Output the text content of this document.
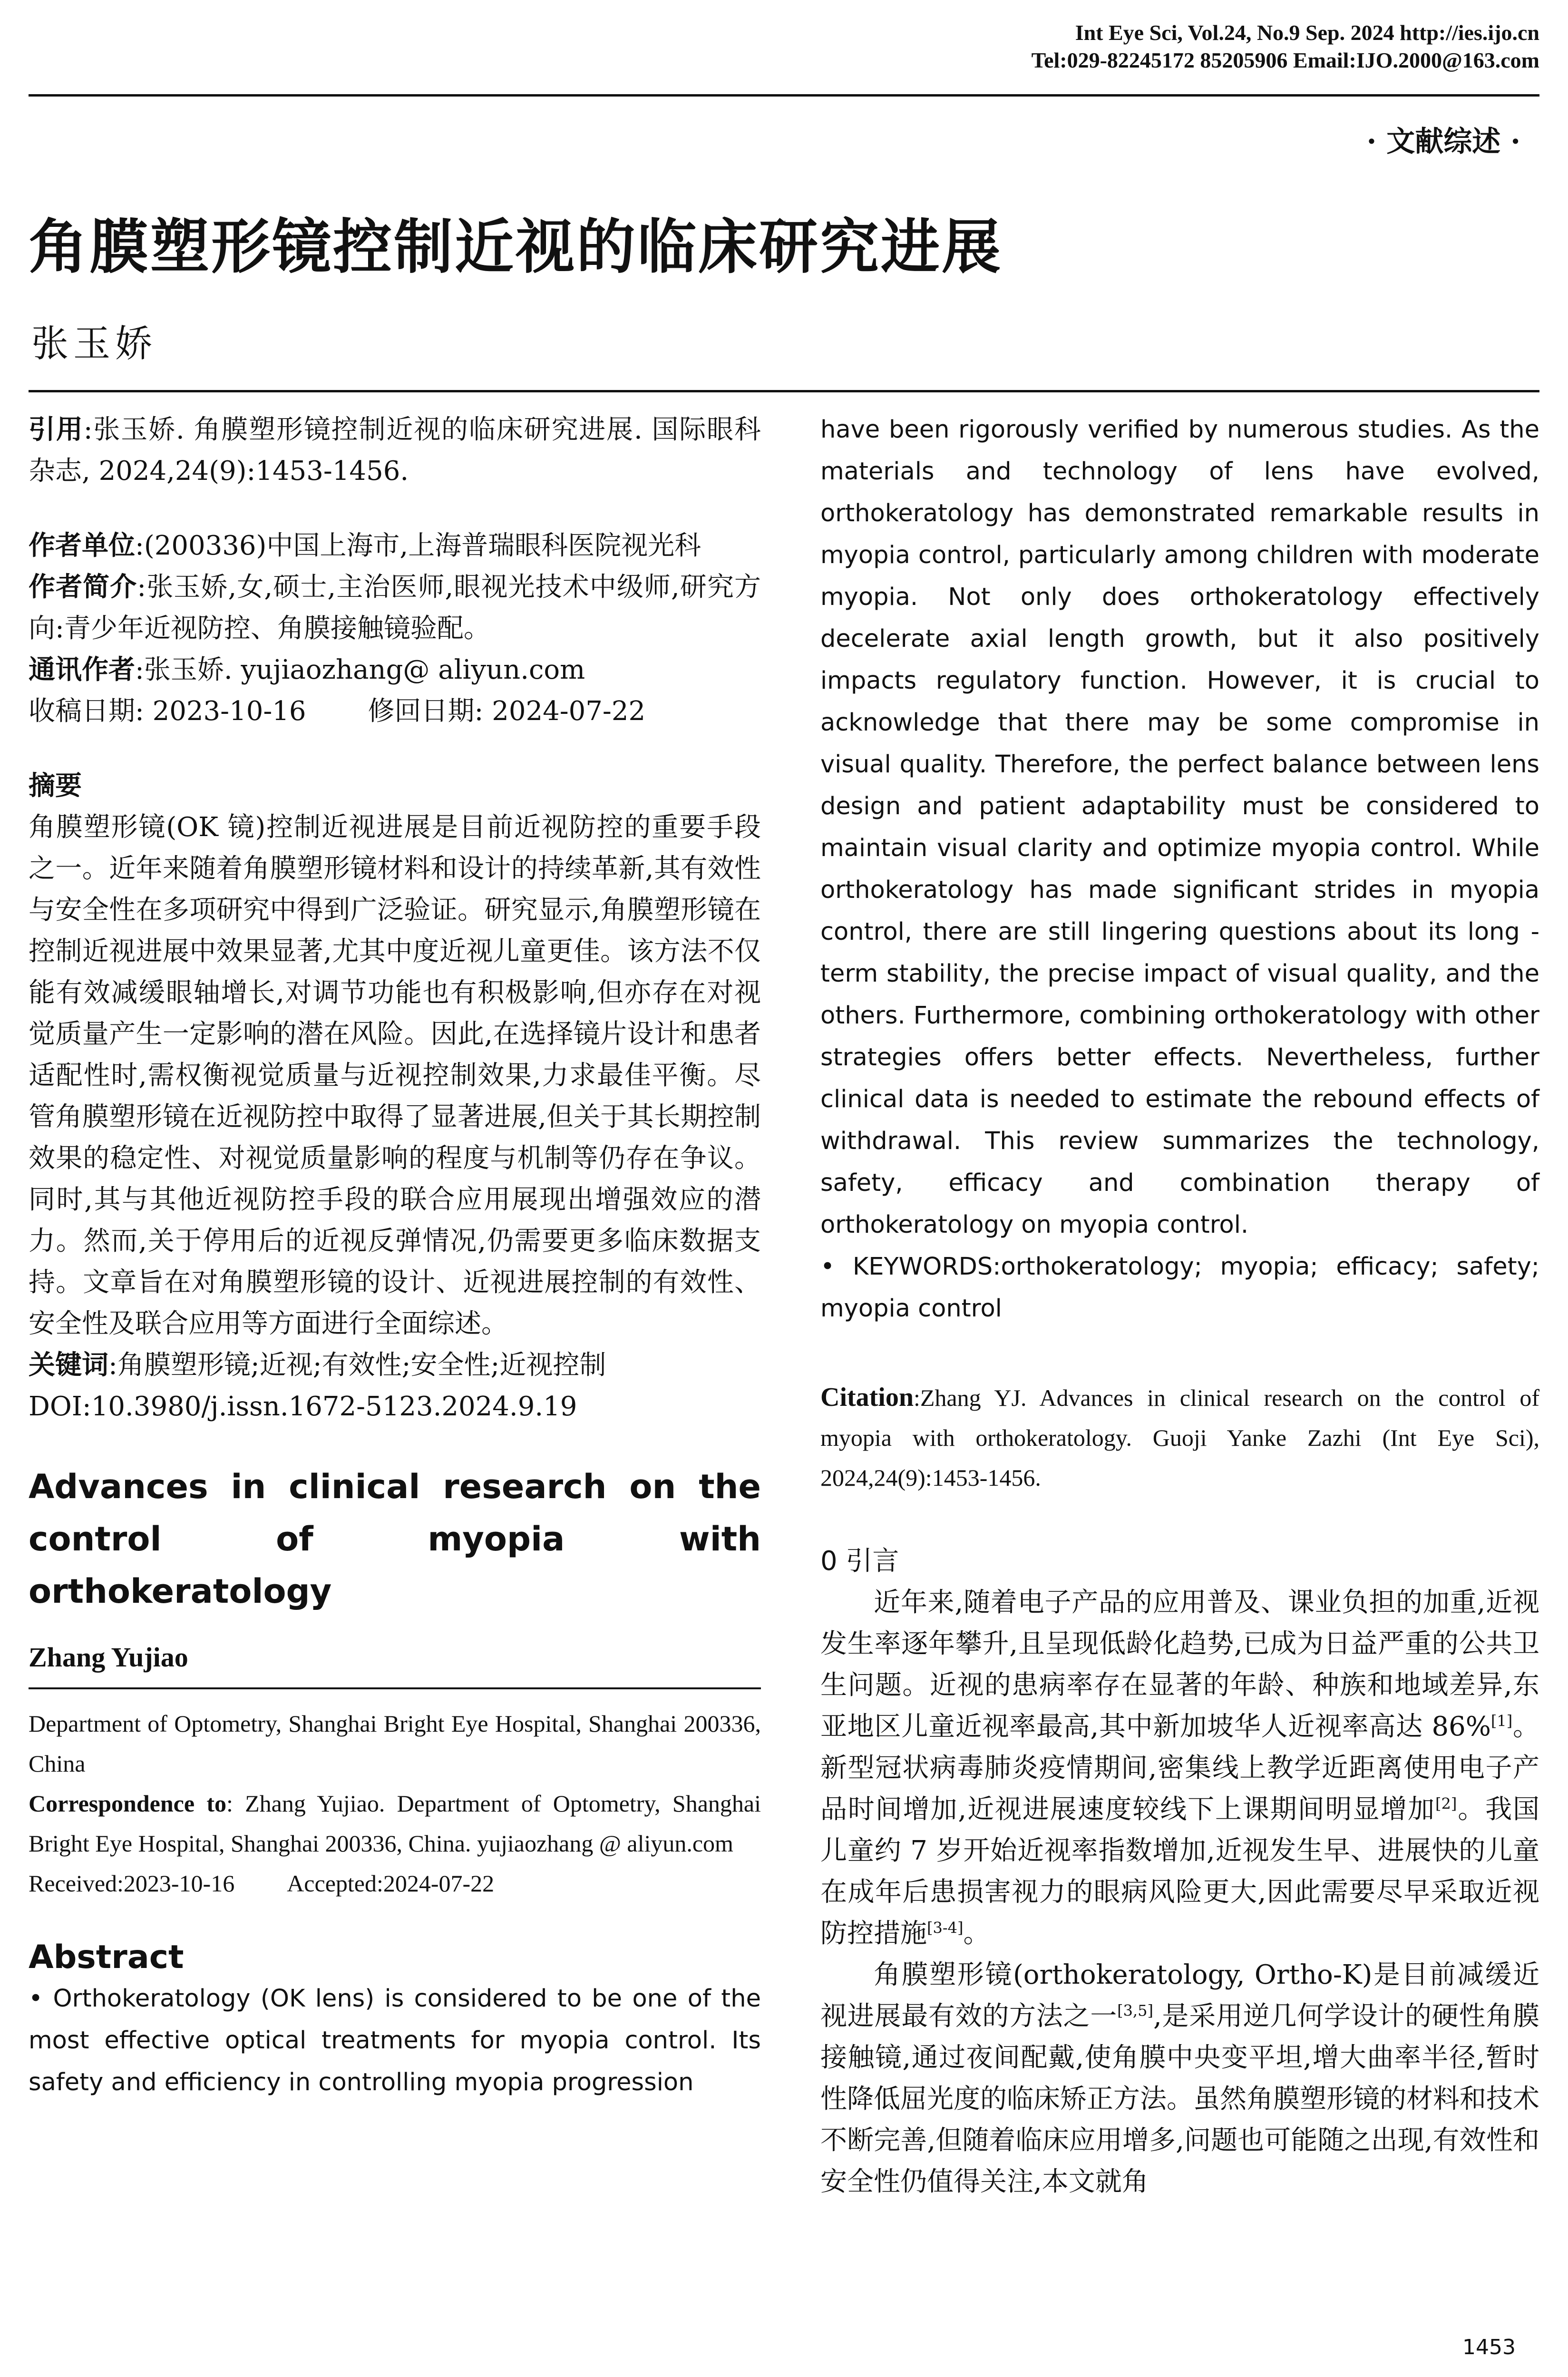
Int Eye Sci, Vol.24, No.9 Sep. 2024 http://ies.ijo.cn
Tel:029-82245172 85205906 Email:IJO.2000@163.com
· 文献综述 ·
角膜塑形镜控制近视的临床研究进展
张玉娇

引用:张玉娇. 角膜塑形镜控制近视的临床研究进展. 国际眼科杂志, 2024,24(9):1453-1456.

作者单位:(200336)中国上海市,上海普瑞眼科医院视光科

作者简介:张玉娇,女,硕士,主治医师,眼视光技术中级师,研究方向:青少年近视防控、角膜接触镜验配。

通讯作者:张玉娇. yujiaozhang@ aliyun.com

收稿日期: 2023-10-16 修回日期: 2024-07-22

摘要

角膜塑形镜(OK 镜)控制近视进展是目前近视防控的重要手段之一。近年来随着角膜塑形镜材料和设计的持续革新,其有效性与安全性在多项研究中得到广泛验证。研究显示,角膜塑形镜在控制近视进展中效果显著,尤其中度近视儿童更佳。该方法不仅能有效减缓眼轴增长,对调节功能也有积极影响,但亦存在对视觉质量产生一定影响的潜在风险。因此,在选择镜片设计和患者适配性时,需权衡视觉质量与近视控制效果,力求最佳平衡。尽管角膜塑形镜在近视防控中取得了显著进展,但关于其长期控制效果的稳定性、对视觉质量影响的程度与机制等仍存在争议。同时,其与其他近视防控手段的联合应用展现出增强效应的潜力。然而,关于停用后的近视反弹情况,仍需要更多临床数据支持。文章旨在对角膜塑形镜的设计、近视进展控制的有效性、安全性及联合应用等方面进行全面综述。

关键词:角膜塑形镜;近视;有效性;安全性;近视控制

DOI:10.3980/j.issn.1672-5123.2024.9.19

Advances in clinical research on the control of myopia with orthokeratology

Zhang Yujiao

Department of Optometry, Shanghai Bright Eye Hospital, Shanghai 200336, China

Correspondence to: Zhang Yujiao. Department of Optometry, Shanghai Bright Eye Hospital, Shanghai 200336, China. yujiaozhang @ aliyun.com

Received:2023-10-16 Accepted:2024-07-22

Abstract

• Orthokeratology (OK lens) is considered to be one of the most effective optical treatments for myopia control. Its safety and efficiency in controlling myopia progression

have been rigorously verified by numerous studies. As the materials and technology of lens have evolved, orthokeratology has demonstrated remarkable results in myopia control, particularly among children with moderate myopia. Not only does orthokeratology effectively decelerate axial length growth, but it also positively impacts regulatory function. However, it is crucial to acknowledge that there may be some compromise in visual quality. Therefore, the perfect balance between lens design and patient adaptability must be considered to maintain visual clarity and optimize myopia control. While orthokeratology has made significant strides in myopia control, there are still lingering questions about its long - term stability, the precise impact of visual quality, and the others. Furthermore, combining orthokeratology with other strategies offers better effects. Nevertheless, further clinical data is needed to estimate the rebound effects of withdrawal. This review summarizes the technology, safety, efficacy and combination therapy of orthokeratology on myopia control.

• KEYWORDS:orthokeratology; myopia; efficacy; safety; myopia control

Citation:Zhang YJ. Advances in clinical research on the control of myopia with orthokeratology. Guoji Yanke Zazhi (Int Eye Sci), 2024,24(9):1453-1456.

0 引言

近年来,随着电子产品的应用普及、课业负担的加重,近视发生率逐年攀升,且呈现低龄化趋势,已成为日益严重的公共卫生问题。近视的患病率存在显著的年龄、种族和地域差异,东亚地区儿童近视率最高,其中新加坡华人近视率高达 86%[1]。新型冠状病毒肺炎疫情期间,密集线上教学近距离使用电子产品时间增加,近视进展速度较线下上课期间明显增加[2]。我国儿童约 7 岁开始近视率指数增加,近视发生早、进展快的儿童在成年后患损害视力的眼病风险更大,因此需要尽早采取近视防控措施[3-4]。

角膜塑形镜(orthokeratology, Ortho-K)是目前减缓近视进展最有效的方法之一[3,5],是采用逆几何学设计的硬性角膜接触镜,通过夜间配戴,使角膜中央变平坦,增大曲率半径,暂时性降低屈光度的临床矫正方法。虽然角膜塑形镜的材料和技术不断完善,但随着临床应用增多,问题也可能随之出现,有效性和安全性仍值得关注,本文就角

1453
